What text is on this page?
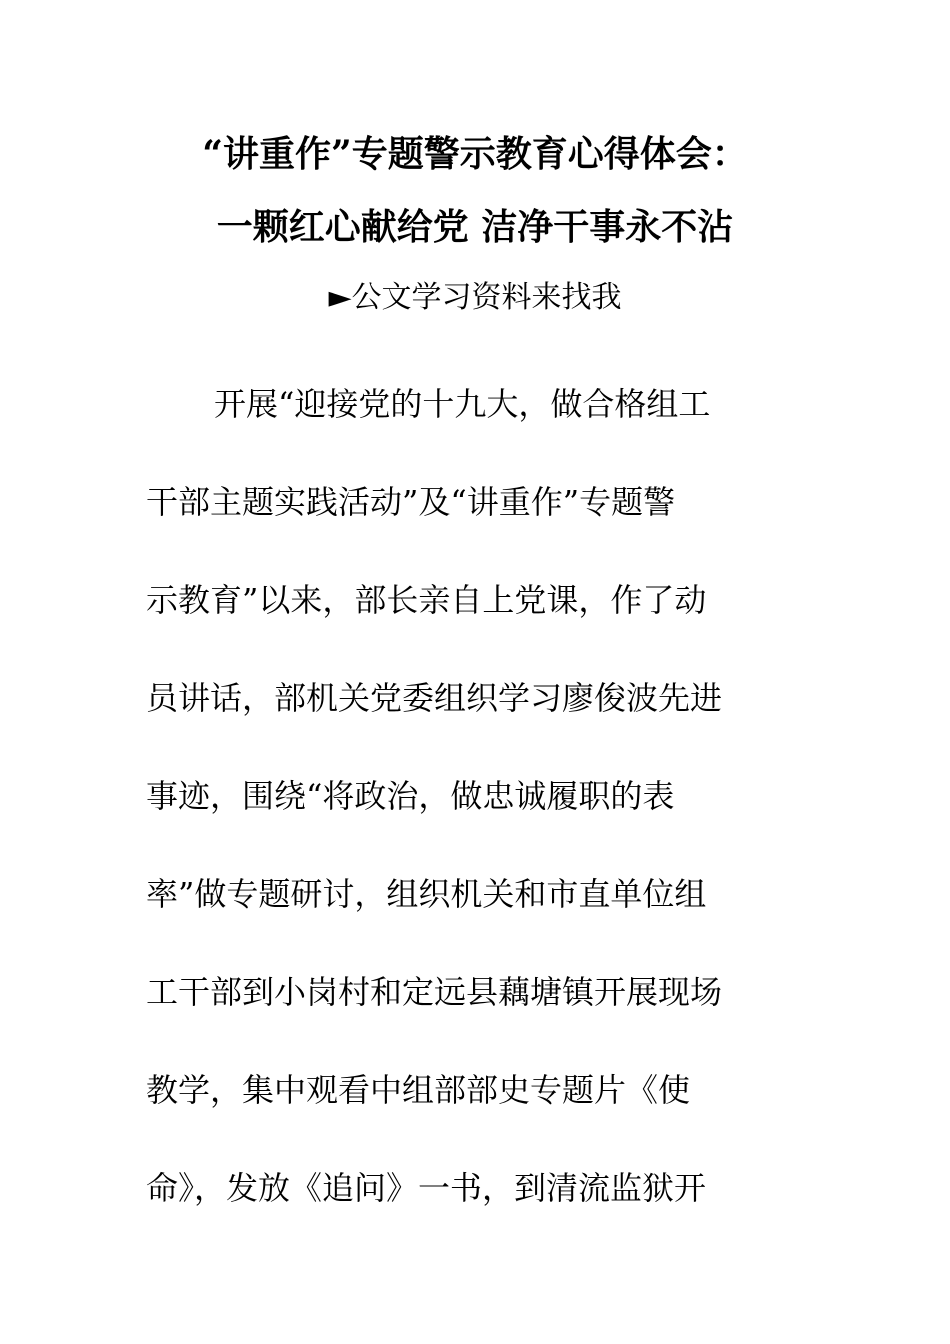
“讲重作”专题警示教育心得体会：
一颗红心献给党 洁净干事永不沾
►公文学习资料来找我
开展“迎接党的十九大，做合格组工
干部主题实践活动”及“讲重作”专题警
示教育”以来，部长亲自上党课，作了动
员讲话，部机关党委组织学习廖俊波先进
事迹，围绕“将政治，做忠诚履职的表
率”做专题研讨，组织机关和市直单位组
工干部到小岗村和定远县藕塘镇开展现场
教学，集中观看中组部部史专题片《使
命》，发放《追问》一书，到清流监狱开
